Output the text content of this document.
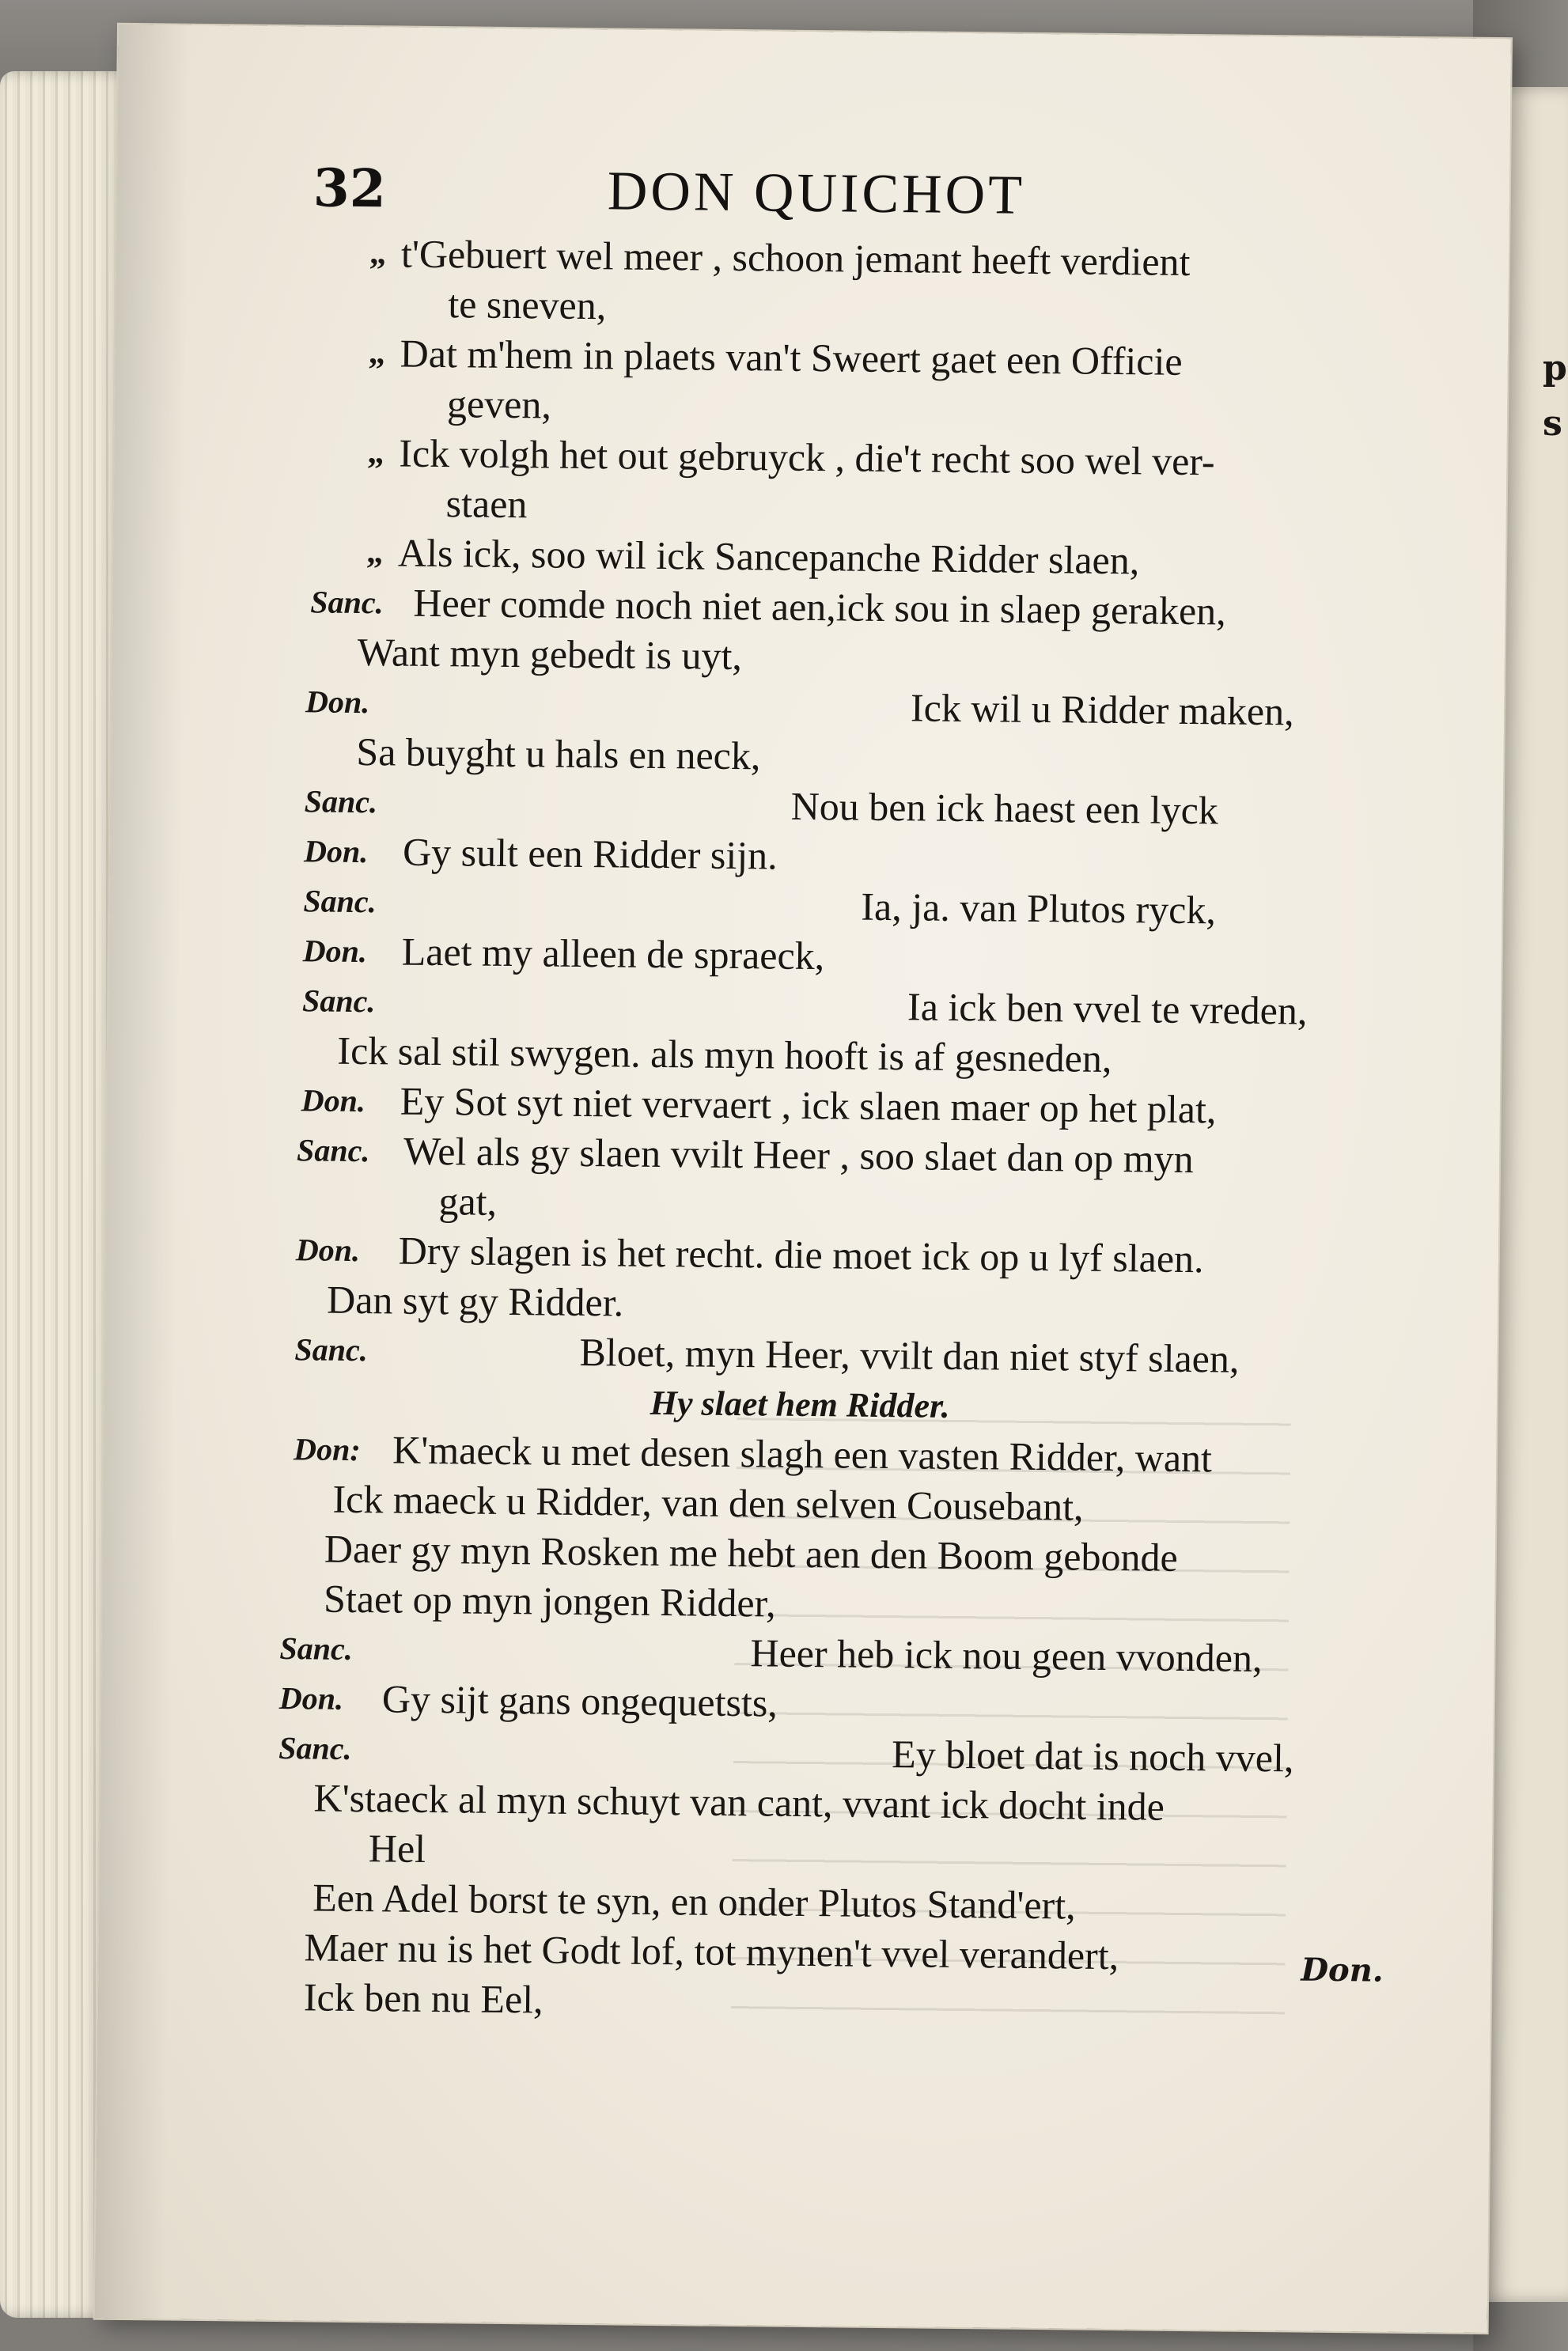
p
s
32	DON QUICHOT
„ t'Gebuert wel meer , schoon jemant heeft verdient
te sneven,
„ Dat m'hem in plaets van't Sweert gaet een Officie
geven,
„ Ick volgh het out gebruyck , die't recht soo wel ver-
staen
„ Als ick, soo wil ick Sancepanche Ridder slaen,
Sanc. Heer comde noch niet aen,ick sou in slaep geraken,
Want myn gebedt is uyt,
Don.	Ick wil u Ridder maken,
Sa buyght u hals en neck,
Sanc.	Nou ben ick haest een lyck
Don. Gy sult een Ridder sijn.
Sanc.	Ia, ja. van Plutos ryck,
Don. Laet my alleen de spraeck,
Sanc.	Ia ick ben vvel te vreden,
Ick sal stil swygen. als myn hooft is af gesneden,
Don. Ey Sot syt niet vervaert , ick slaen maer op het plat,
Sanc. Wel als gy slaen vvilt Heer , soo slaet dan op myn
gat,
Don. Dry slagen is het recht. die moet ick op u lyf slaen.
Dan syt gy Ridder.
Sanc.	Bloet, myn Heer, vvilt dan niet styf slaen,
Hy slaet hem Ridder.
Don: K'maeck u met desen slagh een vasten Ridder, want
Ick maeck u Ridder, van den selven Cousebant,
Daer gy myn Rosken me hebt aen den Boom gebonde
Staet op myn jongen Ridder,
Sanc.	Heer heb ick nou geen vvonden,
Don. Gy sijt gans ongequetsts,
Sanc.	Ey bloet dat is noch vvel,
K'staeck al myn schuyt van cant, vvant ick docht inde
Hel
Een Adel borst te syn, en onder Plutos Stand'ert,
Maer nu is het Godt lof, tot mynen't vvel verandert,
Ick ben nu Eel,
Don.
